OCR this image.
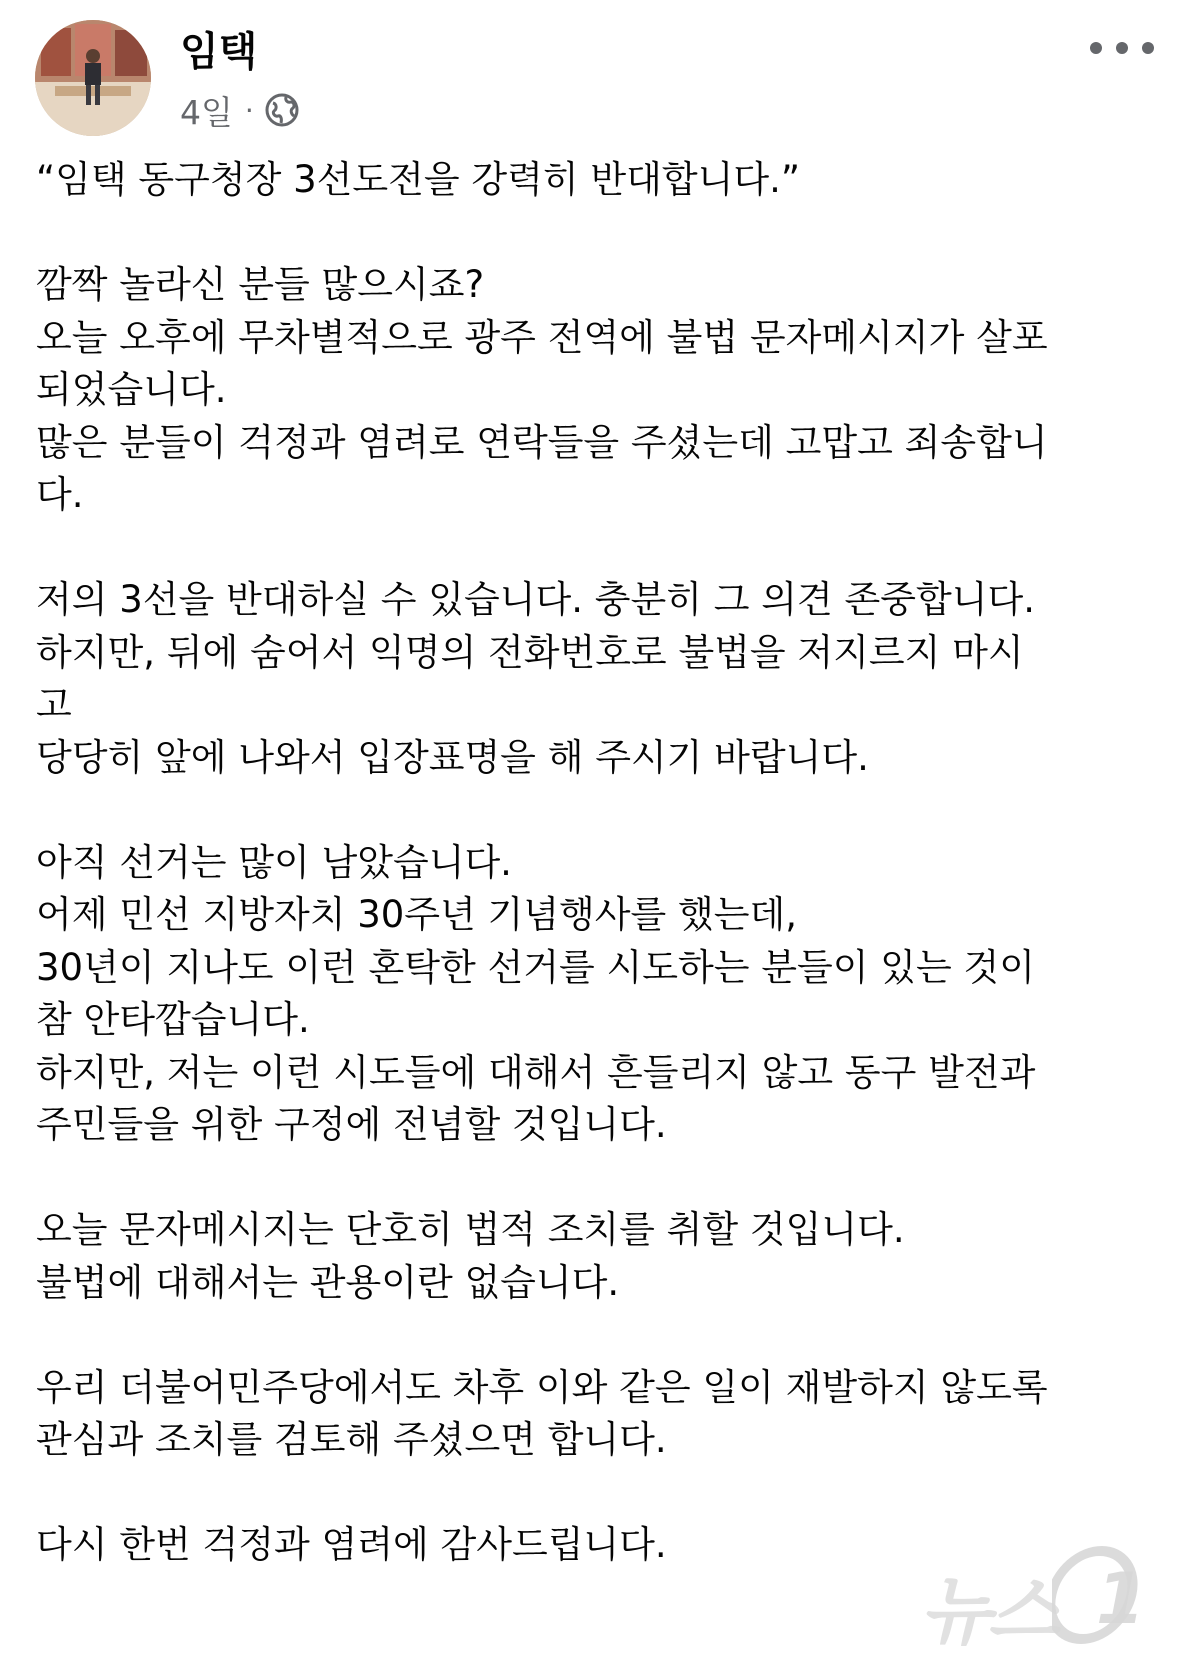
임택
4일 ·
“임택 동구청장 3선도전을 강력히 반대합니다.”
깜짝 놀라신 분들 많으시죠?
오늘 오후에 무차별적으로 광주 전역에 불법 문자메시지가 살포
되었습니다.
많은 분들이 걱정과 염려로 연락들을 주셨는데 고맙고 죄송합니
다.
저의 3선을 반대하실 수 있습니다. 충분히 그 의견 존중합니다.
하지만, 뒤에 숨어서 익명의 전화번호로 불법을 저지르지 마시
고
당당히 앞에 나와서 입장표명을 해 주시기 바랍니다.
아직 선거는 많이 남았습니다.
어제 민선 지방자치 30주년 기념행사를 했는데,
30년이 지나도 이런 혼탁한 선거를 시도하는 분들이 있는 것이
참 안타깝습니다.
하지만, 저는 이런 시도들에 대해서 흔들리지 않고 동구 발전과
주민들을 위한 구정에 전념할 것입니다.
오늘 문자메시지는 단호히 법적 조치를 취할 것입니다.
불법에 대해서는 관용이란 없습니다.
우리 더불어민주당에서도 차후 이와 같은 일이 재발하지 않도록
관심과 조치를 검토해 주셨으면 합니다.
다시 한번 걱정과 염려에 감사드립니다.
뉴스 1
